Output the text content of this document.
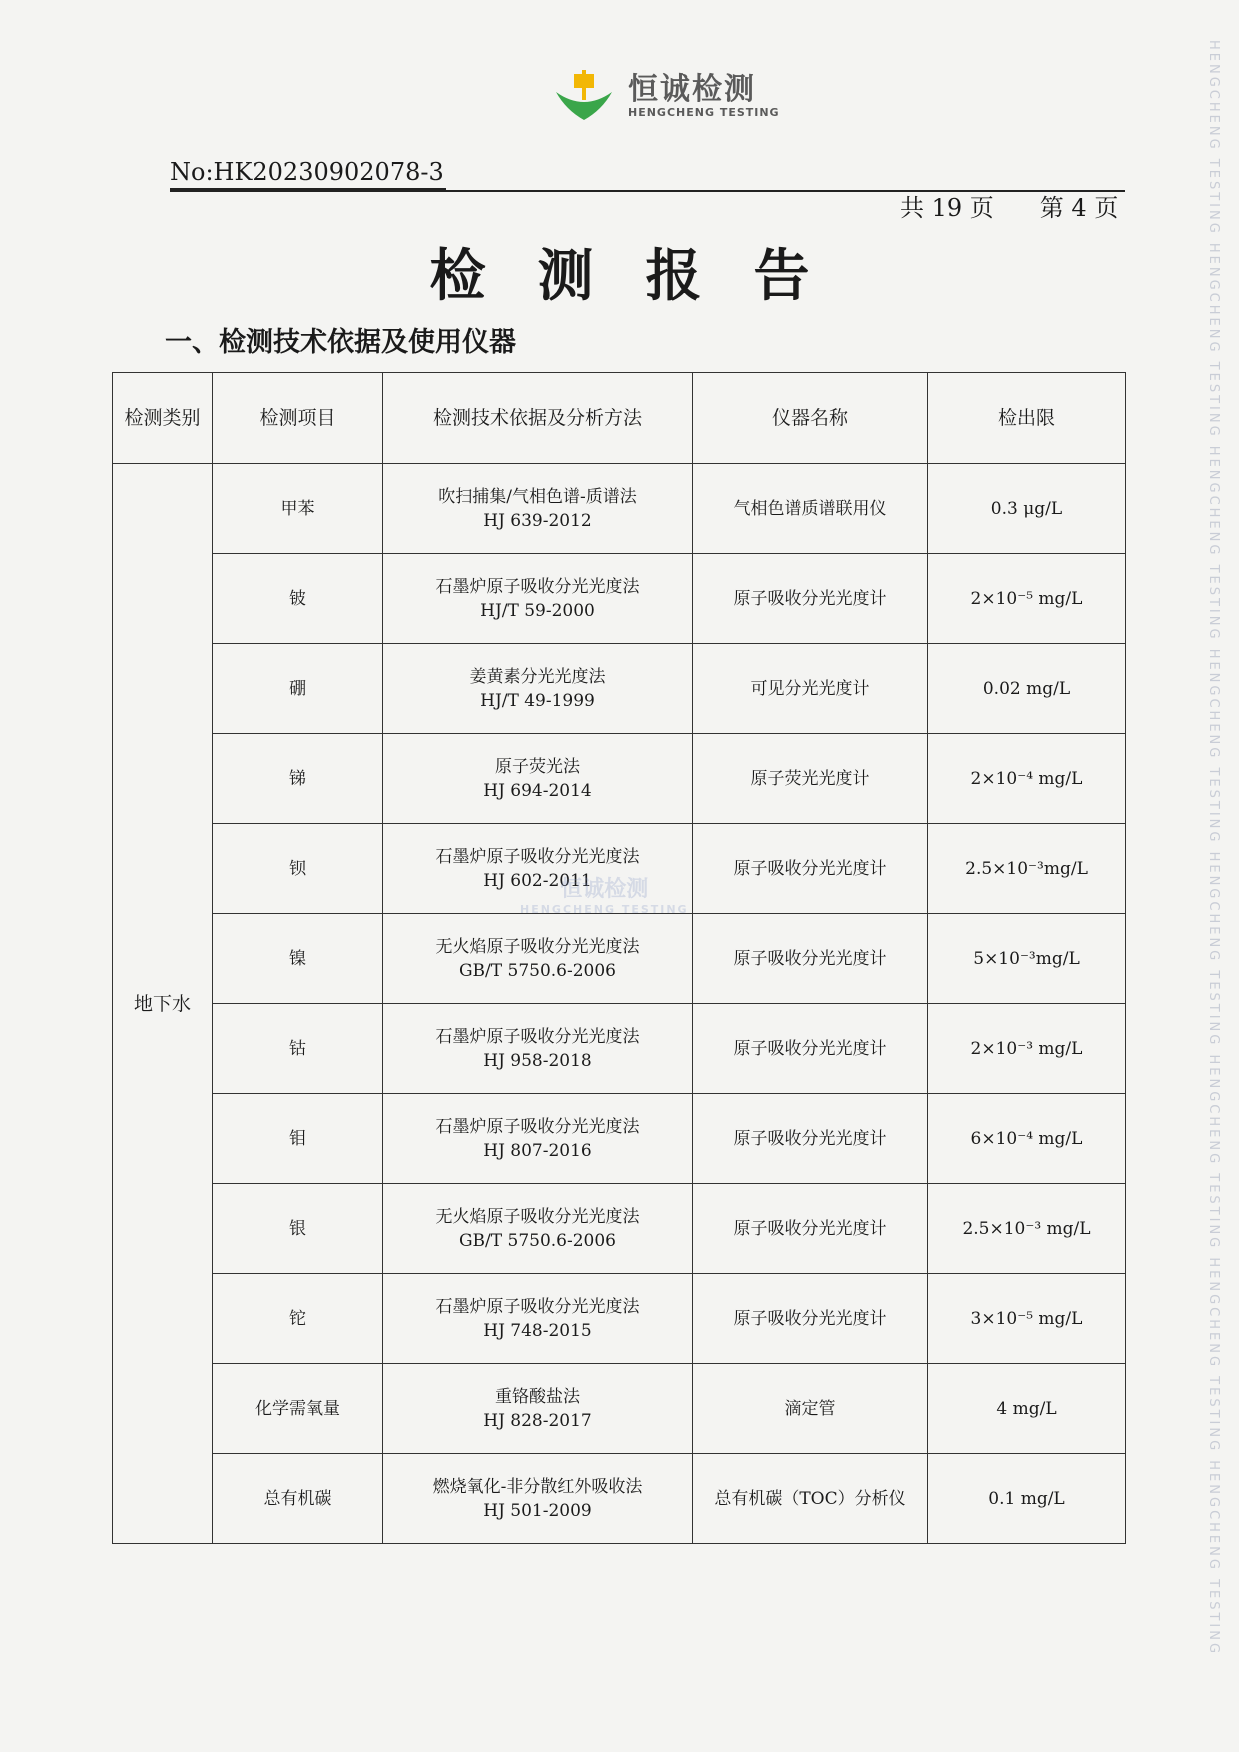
HENGCHENG TESTING HENGCHENG TESTING HENGCHENG TESTING HENGCHENG TESTING HENGCHENG TESTING HENGCHENG TESTING HENGCHENG TESTING HENGCHENG TESTING
恒诚检测
HENGCHENG TESTING
No:HK20230902078-3
共 19 页 第 4 页
检测报告
一、检测技术依据及使用仪器
检测类别	检测项目	检测技术依据及分析方法	仪器名称	检出限
地下水	甲苯	吹扫捕集/气相色谱-质谱法
HJ 639-2012	气相色谱质谱联用仪	0.3 μg/L
	铍	石墨炉原子吸收分光光度法
HJ/T 59-2000	原子吸收分光光度计	2×10⁻⁵ mg/L
	硼	姜黄素分光光度法
HJ/T 49-1999	可见分光光度计	0.02 mg/L
	锑	原子荧光法
HJ 694-2014	原子荧光光度计	2×10⁻⁴ mg/L
	钡	石墨炉原子吸收分光光度法
HJ 602-2011	原子吸收分光光度计	2.5×10⁻³mg/L
	镍	无火焰原子吸收分光光度法
GB/T 5750.6-2006	原子吸收分光光度计	5×10⁻³mg/L
	钴	石墨炉原子吸收分光光度法
HJ 958-2018	原子吸收分光光度计	2×10⁻³ mg/L
	钼	石墨炉原子吸收分光光度法
HJ 807-2016	原子吸收分光光度计	6×10⁻⁴ mg/L
	银	无火焰原子吸收分光光度法
GB/T 5750.6-2006	原子吸收分光光度计	2.5×10⁻³ mg/L
	铊	石墨炉原子吸收分光光度法
HJ 748-2015	原子吸收分光光度计	3×10⁻⁵ mg/L
	化学需氧量	重铬酸盐法
HJ 828-2017	滴定管	4 mg/L
	总有机碳	燃烧氧化-非分散红外吸收法
HJ 501-2009	总有机碳（TOC）分析仪	0.1 mg/L
恒诚检测
HENGCHENG TESTING
